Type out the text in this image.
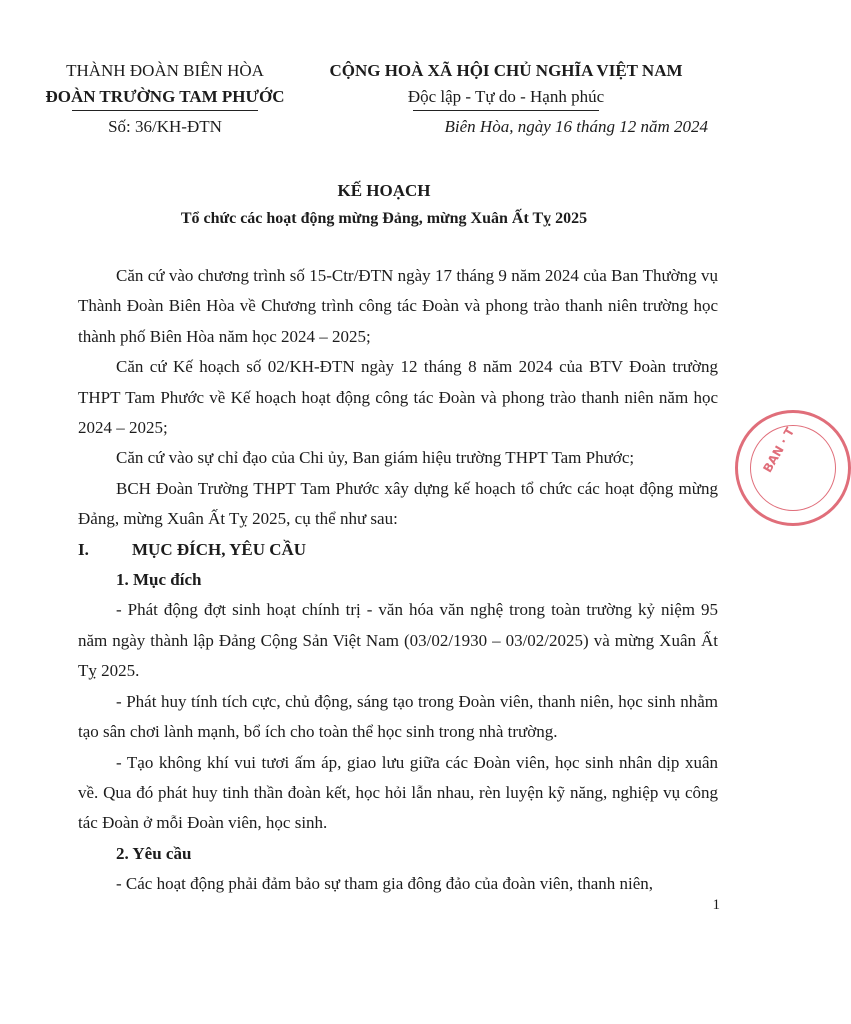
THÀNH ĐOÀN BIÊN HÒA
ĐOÀN TRƯỜNG TAM PHƯỚC
Số: 36/KH-ĐTN
CỘNG HOÀ XÃ HỘI CHỦ NGHĨA VIỆT NAM
Độc lập - Tự do - Hạnh phúc
Biên Hòa, ngày 16 tháng 12 năm 2024
KẾ HOẠCH
Tổ chức các hoạt động mừng Đảng, mừng Xuân Ất Tỵ 2025

Căn cứ vào chương trình số 15-Ctr/ĐTN ngày 17 tháng 9 năm 2024 của Ban Thường vụ Thành Đoàn Biên Hòa về Chương trình công tác Đoàn và phong trào thanh niên trường học thành phố Biên Hòa năm học 2024 – 2025;

Căn cứ Kế hoạch số 02/KH-ĐTN ngày 12 tháng 8 năm 2024 của BTV Đoàn trường THPT Tam Phước về Kế hoạch hoạt động công tác Đoàn và phong trào thanh niên năm học 2024 – 2025;

Căn cứ vào sự chỉ đạo của Chi ủy, Ban giám hiệu trường THPT Tam Phước;

BCH Đoàn Trường THPT Tam Phước xây dựng kế hoạch tổ chức các hoạt động mừng Đảng, mừng Xuân Ất Tỵ 2025, cụ thể như sau:

I.	MỤC ĐÍCH, YÊU CẦU

1. Mục đích

- Phát động đợt sinh hoạt chính trị - văn hóa văn nghệ trong toàn trường kỷ niệm 95 năm ngày thành lập Đảng Cộng Sản Việt Nam (03/02/1930 – 03/02/2025) và mừng Xuân Ất Tỵ 2025.

- Phát huy tính tích cực, chủ động, sáng tạo trong Đoàn viên, thanh niên, học sinh nhằm tạo sân chơi lành mạnh, bổ ích cho toàn thể học sinh trong nhà trường.

- Tạo không khí vui tươi ấm áp, giao lưu giữa các Đoàn viên, học sinh nhân dịp xuân về. Qua đó phát huy tinh thần đoàn kết, học hỏi lẫn nhau, rèn luyện kỹ năng, nghiệp vụ công tác Đoàn ở mỗi Đoàn viên, học sinh.

2. Yêu cầu

- Các hoạt động phải đảm bảo sự tham gia đông đảo của đoàn viên, thanh niên,

1
BAN · T
